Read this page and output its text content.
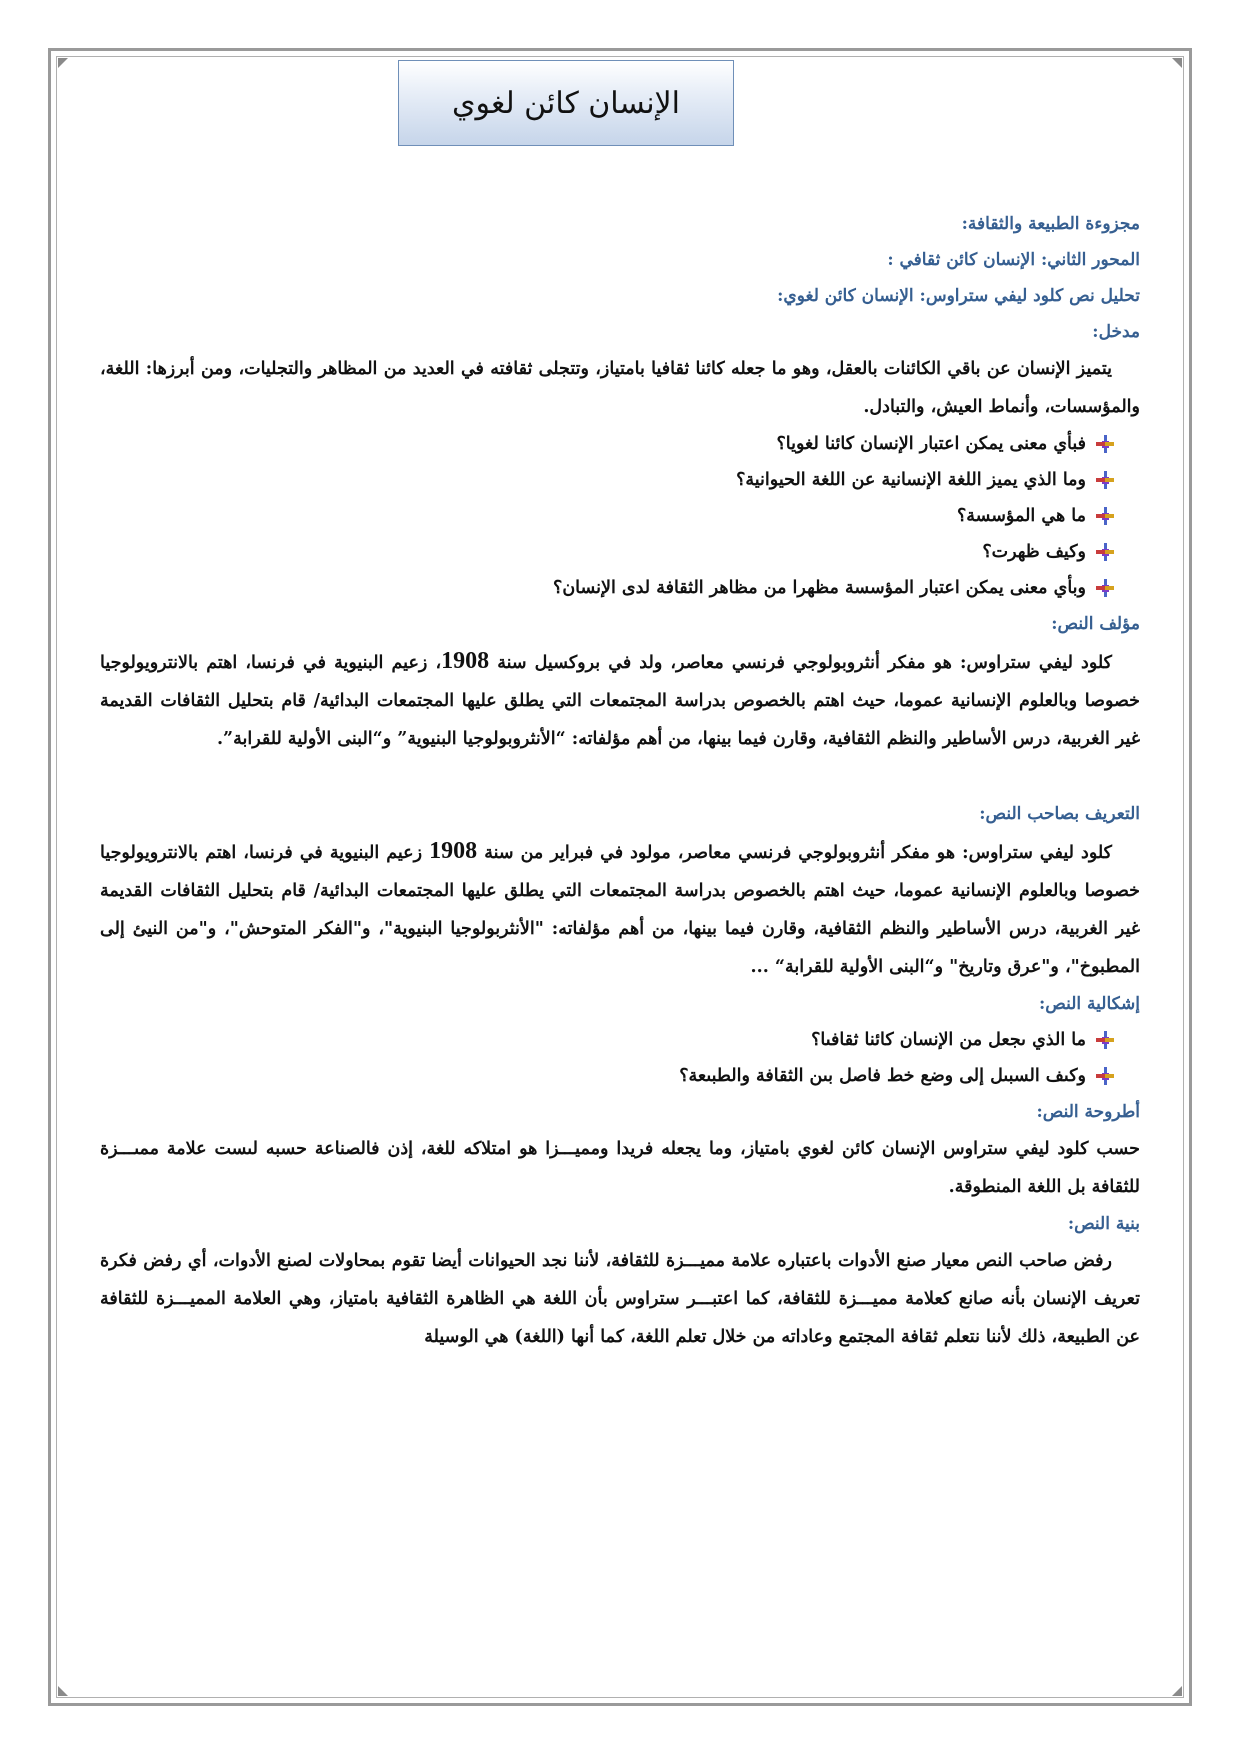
الإنسان كائن لغوي

مجزوءة الطبيعة والثقافة:

المحور الثاني: الإنسان كائن ثقافي :

تحليل نص كلود ليفي ستراوس: الإنسان كائن لغوي:

مدخل:

يتميز الإنسان عن باقي الكائنات بالعقل، وهو ما جعله كائنا ثقافيا بامتياز، وتتجلى ثقافته في العديد من المظاهر والتجليات، ومن أبرزها: اللغة، والمؤسسات، وأنماط العيش، والتبادل.

فبأي معنى يمكن اعتبار الإنسان كائنا لغويا؟
وما الذي يميز اللغة الإنسانية عن اللغة الحيوانية؟
ما هي المؤسسة؟
وكيف ظهرت؟
وبأي معنى يمكن اعتبار المؤسسة مظهرا من مظاهر الثقافة لدى الإنسان؟

مؤلف النص:

كلود ليفي ستراوس: هو مفكر أنثروبولوجي فرنسي معاصر، ولد في بروكسيل سنة 1908، زعيم البنيوية في فرنسا، اهتم بالانترويولوجيا خصوصا وبالعلوم الإنسانية عموما، حيث اهتم بالخصوص بدراسة المجتمعات التي يطلق عليها المجتمعات البدائية/ قام بتحليل الثقافات القديمة غير الغربية، درس الأساطير والنظم الثقافية، وقارن فيما بينها، من أهم مؤلفاته: “الأنثروبولوجيا البنيوية” و“البنى الأولية للقرابة”.

التعريف بصاحب النص:

كلود ليفي ستراوس: هو مفكر أنثروبولوجي فرنسي معاصر، مولود في فبراير من سنة 1908 زعيم البنيوية في فرنسا، اهتم بالانترويولوجيا خصوصا وبالعلوم الإنسانية عموما، حيث اهتم بالخصوص بدراسة المجتمعات التي يطلق عليها المجتمعات البدائية/ قام بتحليل الثقافات القديمة غير الغربية، درس الأساطير والنظم الثقافية، وقارن فيما بينها، من أهم مؤلفاته: "الأنثربولوجيا البنيوية"، و"الفكر المتوحش"، و"من النيئ إلى المطبوخ"، و"عرق وتاريخ" و“البنى الأولية للقرابة“ ...

إشكالية النص:

ما الذي ىجعل من الإنسان كائنا ثقافىا؟
وكىف السبىل إلى وضع خط فاصل بىن الثقافة والطبىعة؟

أطروحة النص:

حسب كلود ليفي ستراوس الإنسان كائن لغوي بامتياز، وما يجعله فريدا ومميـــزا هو امتلاكه للغة، إذن فالصناعة حسبه لىست علامة ممىـــزة للثقافة بل اللغة المنطوقة.

بنية النص:

رفض صاحب النص معيار صنع الأدوات باعتباره علامة مميـــزة للثقافة، لأننا نجد الحيوانات أيضا تقوم بمحاولات لصنع الأدوات، أي رفض فكرة تعريف الإنسان بأنه صانع كعلامة مميـــزة للثقافة، كما اعتبـــر ستراوس بأن اللغة هي الظاهرة الثقافية بامتياز، وهي العلامة المميـــزة للثقافة عن الطبيعة، ذلك لأننا نتعلم ثقافة المجتمع وعاداته من خلال تعلم اللغة، كما أنها (اللغة) هي الوسيلة
